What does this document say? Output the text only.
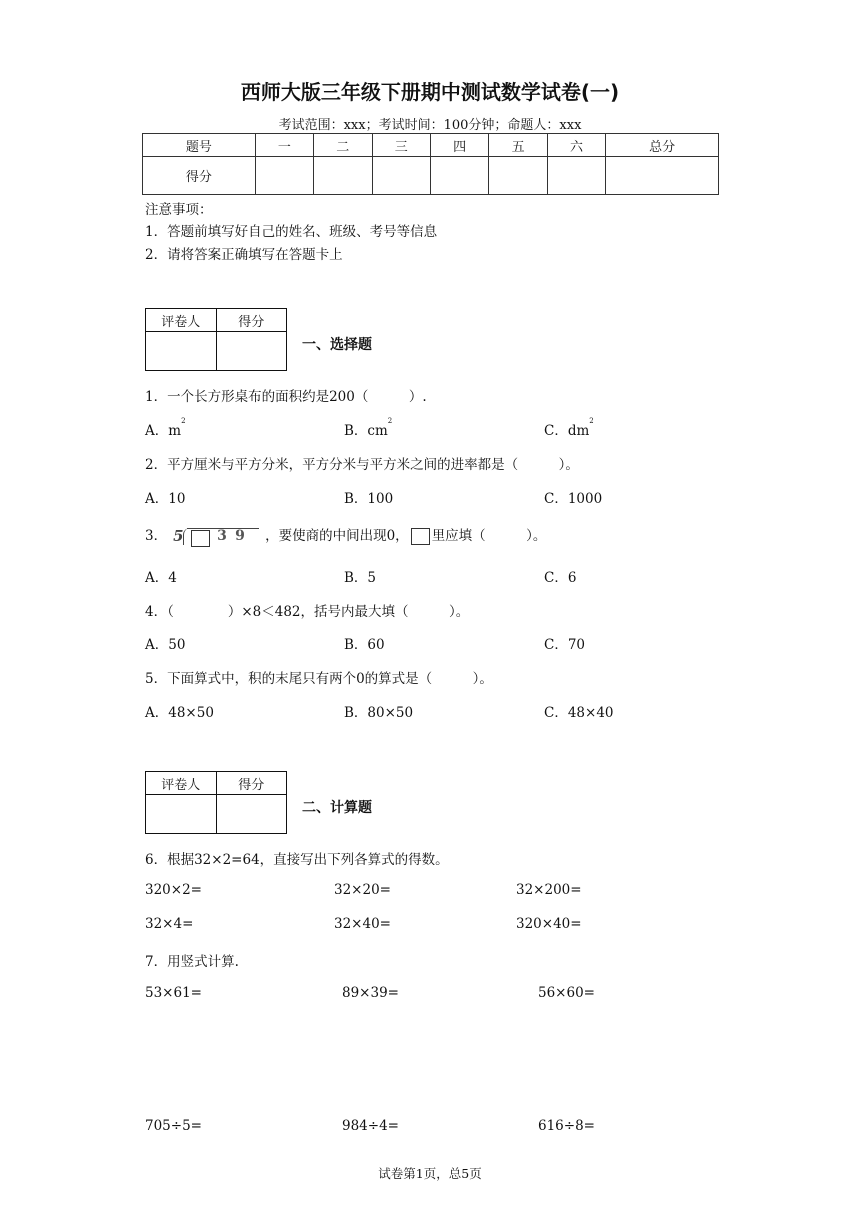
西师大版三年级下册期中测试数学试卷(一)
考试范围：xxx；考试时间：100分钟；命题人：xxx
题号	一	二	三	四	五	六	总分
得分							
注意事项：
1．答题前填写好自己的姓名、班级、考号等信息
2．请将答案正确填写在答题卡上
评卷人	得分

一、选择题
1．一个长方形桌布的面积约是200（　　　）.
A．$m^2$
B．$cm^2$
C．$dm^2$
2．平方厘米与平方分米，平方分米与平方米之间的进率都是（　　　）。
A．10	B．100	C．1000
3． 5 3 9 ，要使商的中间出现0， 里应填（　　　）。
A．4	B．5	C．6
4．（　　　　）×8＜482，括号内最大填（　　　）。
A．50	B．60	C．70
5．下面算式中，积的末尾只有两个0的算式是（　　　）。
A．48×50	B．80×50	C．48×40
评卷人	得分

二、计算题
6．根据32×2=64，直接写出下列各算式的得数。
320×2=	32×20=	32×200=
32×4=	32×40=	320×40=
7．用竖式计算.
53×61=	89×39=	56×60=
705÷5=	984÷4=	616÷8=
试卷第1页，总5页
